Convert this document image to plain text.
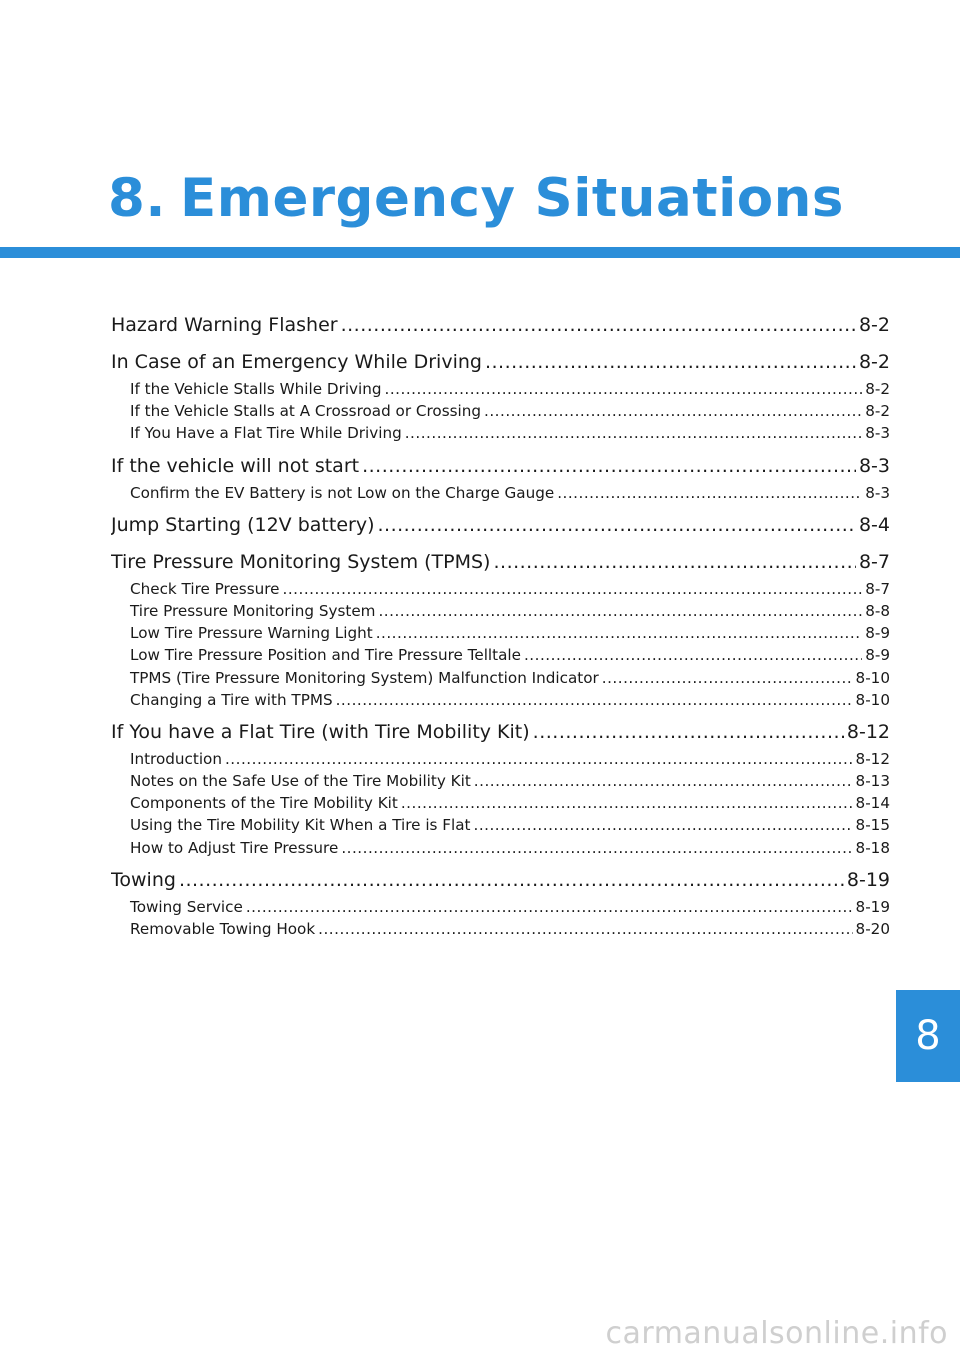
8. Emergency Situations
Hazard Warning Flasher .....	8-2
In Case of an Emergency While Driving .....	8-2
If the Vehicle Stalls While Driving .....	8-2
If the Vehicle Stalls at A Crossroad or Crossing .....	8-2
If You Have a Flat Tire While Driving .....	8-3
If the vehicle will not start .....	8-3
Confirm the EV Battery is not Low on the Charge Gauge .....	8-3
Jump Starting (12V battery) .....	8-4
Tire Pressure Monitoring System (TPMS) .....	8-7
Check Tire Pressure .....	8-7
Tire Pressure Monitoring System .....	8-8
Low Tire Pressure Warning Light .....	8-9
Low Tire Pressure Position and Tire Pressure Telltale .....	8-9
TPMS (Tire Pressure Monitoring System) Malfunction Indicator .....	8-10
Changing a Tire with TPMS .....	8-10
If You have a Flat Tire (with Tire Mobility Kit) .....	8-12
Introduction .....	8-12
Notes on the Safe Use of the Tire Mobility Kit .....	8-13
Components of the Tire Mobility Kit .....	8-14
Using the Tire Mobility Kit When a Tire is Flat .....	8-15
How to Adjust Tire Pressure .....	8-18
Towing .....	8-19
Towing Service .....	8-19
Removable Towing Hook .....	8-20
8
carmanualsonline.info
